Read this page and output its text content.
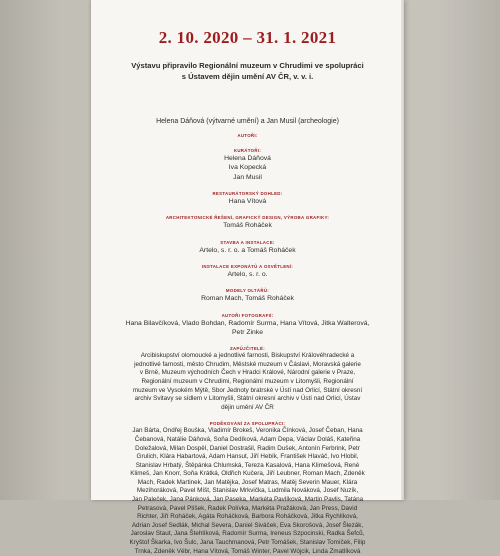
2. 10. 2020 – 31. 1. 2021
Výstavu připravilo Regionální muzeum v Chrudimi ve spolupráci
s Ústavem dějin umění AV ČR, v. v. i.
Helena Dáňová (výtvarné umění) a Jan Musil (archeologie)
AUTOŘI:
KURÁTOŘI:
Helena Dáňová
Iva Kopecká
Jan Musil
RESTAURÁTORSKÝ DOHLED:
Hana Vítová
ARCHITEKTONICKÉ ŘEŠENÍ, GRAFICKÝ DESIGN, VÝROBA GRAFIKY:
Tomáš Roháček
STAVBA A INSTALACE:
Artelo, s. r. o. a Tomáš Roháček
INSTALACE EXPONÁTŮ A OSVĚTLENÍ:
Artelo, s. r. o.
MODELY OLTÁŘŮ:
Roman Mach, Tomáš Roháček
AUTOŘI FOTOGRAFIÍ:
Hana Bilavčíková, Vlado Bohdan, Radomír Surma, Hana Vítová, Jitka Walterová,
Petr Zinke
ZAPŮJČITELÉ:
Arcibiskupství olomoucké a jednotlivé farnosti, Biskupství Královéhradecké a
jednotlivé farnosti, město Chrudim, Městské muzeum v Čáslavi, Moravská galerie
v Brně, Muzeum východních Čech v Hradci Králové, Národní galerie v Praze,
Regionální muzeum v Chrudimi, Regionální muzeum v Litomyšli, Regionální
muzeum ve Vysokém Mýtě, Sbor Jednoty bratrské v Ústí nad Orlicí, Státní okresní
archiv Svitavy se sídlem v Litomyšli, Státní okresní archiv v Ústí nad Orlicí, Ústav
dějin umění AV ČR
PODĚKOVÁNÍ ZA SPOLUPRÁCI:
Jan Bárta, Ondřej Bouška, Vladimír Brokeš, Veronika Čínková, Josef Čeban, Hana
Čebanová, Natálie Dáňová, Soňa Dedíková, Adam Depa, Václav Doláš, Kateřina
Doležalová, Milan Dospěl, Daniel Dostrašil, Radim Dušek, Antonín Ferbrink, Petr
Grulich, Klára Habartová, Adam Hansut, Jiří Hebík, František Hlaváč, Ivo Hlobil,
Stanislav Hrbatý, Štěpánka Chlumská, Tereza Kasalová, Hana Klimešová, René
Klimeš, Jan Knorr, Soňa Krátká, Oldřich Kučera, Jiří Leubner, Roman Mach, Zdeněk
Mach, Radek Martinek, Jan Matějka, Josef Matras, Matěj Severin Mauer, Klára
Mezihoráková, Pavel Míšt, Stanislav Mrkvička, Ludmila Nováková, Josef Nuzík,
Jan Paleček, Jana Pánková, Jan Paseka, Markéta Pavlíková, Martin Pavlis, Tatána
Petrasová, Pavel Plíšek, Radek Polívka, Markéta Pražáková, Jan Press, David
Richter, Jiří Roháček, Agáta Roháčková, Barbora Roháčková, Jitka Rychlíková,
Adrian Josef Sedlák, Michal Severa, Daniel Siváček, Eva Skorošová, Josef Šlezák,
Jaroslav Staut, Jana Štehlíková, Radomír Surma, Ireneus Szpocinski, Radka Šefců,
Kryštof Škarka, Ivo Šulc, Jana Tauchmanová, Petr Tomášek, Stanislav Tomíček, Filip
Trnka, Zdeněk Vébr, Hana Vítová, Tomáš Winter, Pavel Wójcik, Linda Zmatlíková
